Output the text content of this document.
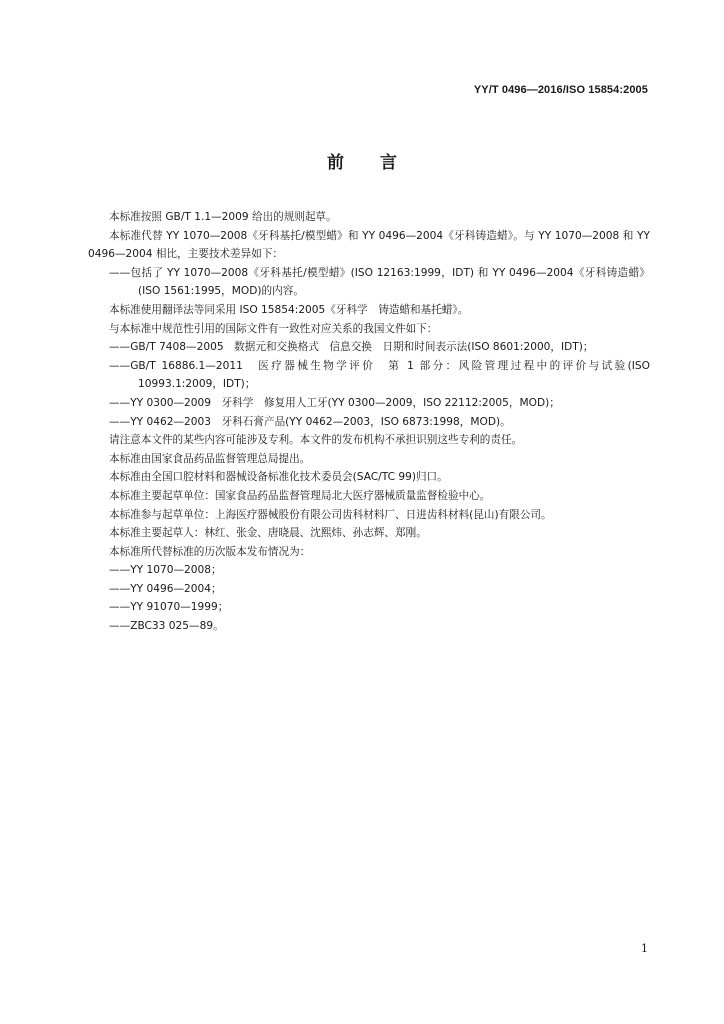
YY/T 0496—2016/ISO 15854:2005
前言

本标准按照 GB/T 1.1—2009 给出的规则起草。

本标准代替 YY 1070—2008《牙科基托/模型蜡》和 YY 0496—2004《牙科铸造蜡》。与 YY 1070—2008 和 YY 0496—2004 相比，主要技术差异如下：

——包括了 YY 1070—2008《牙科基托/模型蜡》(ISO 12163:1999，IDT) 和 YY 0496—2004《牙科铸造蜡》(ISO 1561:1995，MOD)的内容。

本标准使用翻译法等同采用 ISO 15854:2005《牙科学　铸造蜡和基托蜡》。

与本标准中规范性引用的国际文件有一致性对应关系的我国文件如下：

——GB/T 7408—2005　数据元和交换格式　信息交换　日期和时间表示法(ISO 8601:2000，IDT)；

——GB/T 16886.1—2011　医疗器械生物学评价　第 1 部分：风险管理过程中的评价与试验(ISO 10993.1:2009，IDT)；

——YY 0300—2009　牙科学　修复用人工牙(YY 0300—2009，ISO 22112:2005，MOD)；

——YY 0462—2003　牙科石膏产品(YY 0462—2003，ISO 6873:1998，MOD)。

请注意本文件的某些内容可能涉及专利。本文件的发布机构不承担识别这些专利的责任。

本标准由国家食品药品监督管理总局提出。

本标准由全国口腔材料和器械设备标准化技术委员会(SAC/TC 99)归口。

本标准主要起草单位：国家食品药品监督管理局北大医疗器械质量监督检验中心。

本标准参与起草单位：上海医疗器械股份有限公司齿科材料厂、日进齿科材料(昆山)有限公司。

本标准主要起草人：林红、张金、唐晓晨、沈熙炜、孙志辉、郑刚。

本标准所代替标准的历次版本发布情况为：

——YY 1070—2008；

——YY 0496—2004；

——YY 91070—1999；

——ZBC33 025—89。

1
